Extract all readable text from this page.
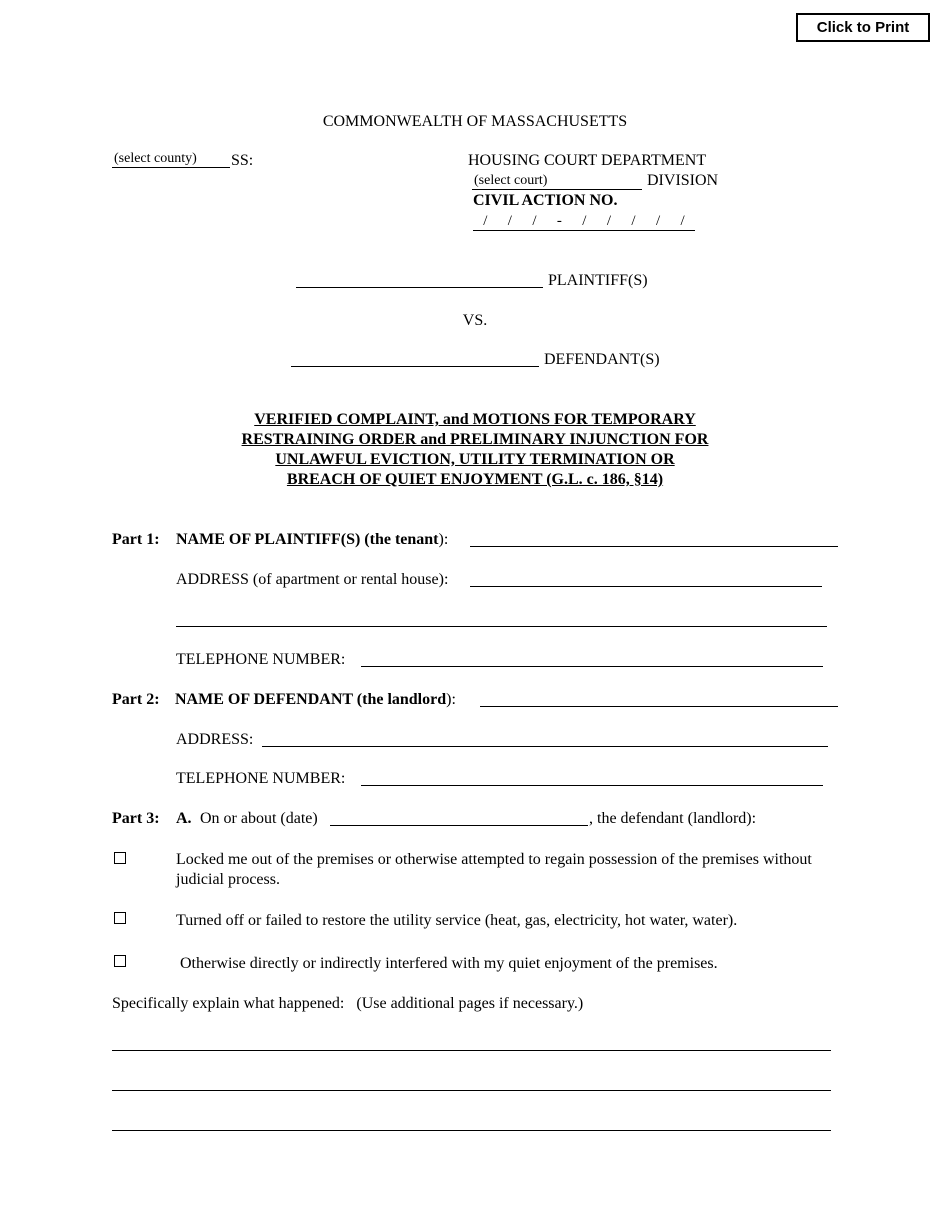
Click to Print
COMMONWEALTH OF MASSACHUSETTS
(select county)	SS:	HOUSING COURT DEPARTMENT
(select court)	DIVISION
CIVIL ACTION NO.
/ / / - / / / / /
PLAINTIFF(S)
VS.
DEFENDANT(S)
VERIFIED COMPLAINT, and MOTIONS FOR TEMPORARY
RESTRAINING ORDER and PRELIMINARY INJUNCTION FOR
UNLAWFUL EVICTION, UTILITY TERMINATION OR
BREACH OF QUIET ENJOYMENT (G.L. c. 186, §14)
Part 1: NAME OF PLAINTIFF(S) (the tenant):
ADDRESS (of apartment or rental house):
TELEPHONE NUMBER:
Part 2: NAME OF DEFENDANT (the landlord):
ADDRESS:
TELEPHONE NUMBER:
Part 3: A. On or about (date)	, the defendant (landlord):
Locked me out of the premises or otherwise attempted to regain possession of the premises without judicial process.
Turned off or failed to restore the utility service (heat, gas, electricity, hot water, water).
Otherwise directly or indirectly interfered with my quiet enjoyment of the premises.
Specifically explain what happened:   (Use additional pages if necessary.)
